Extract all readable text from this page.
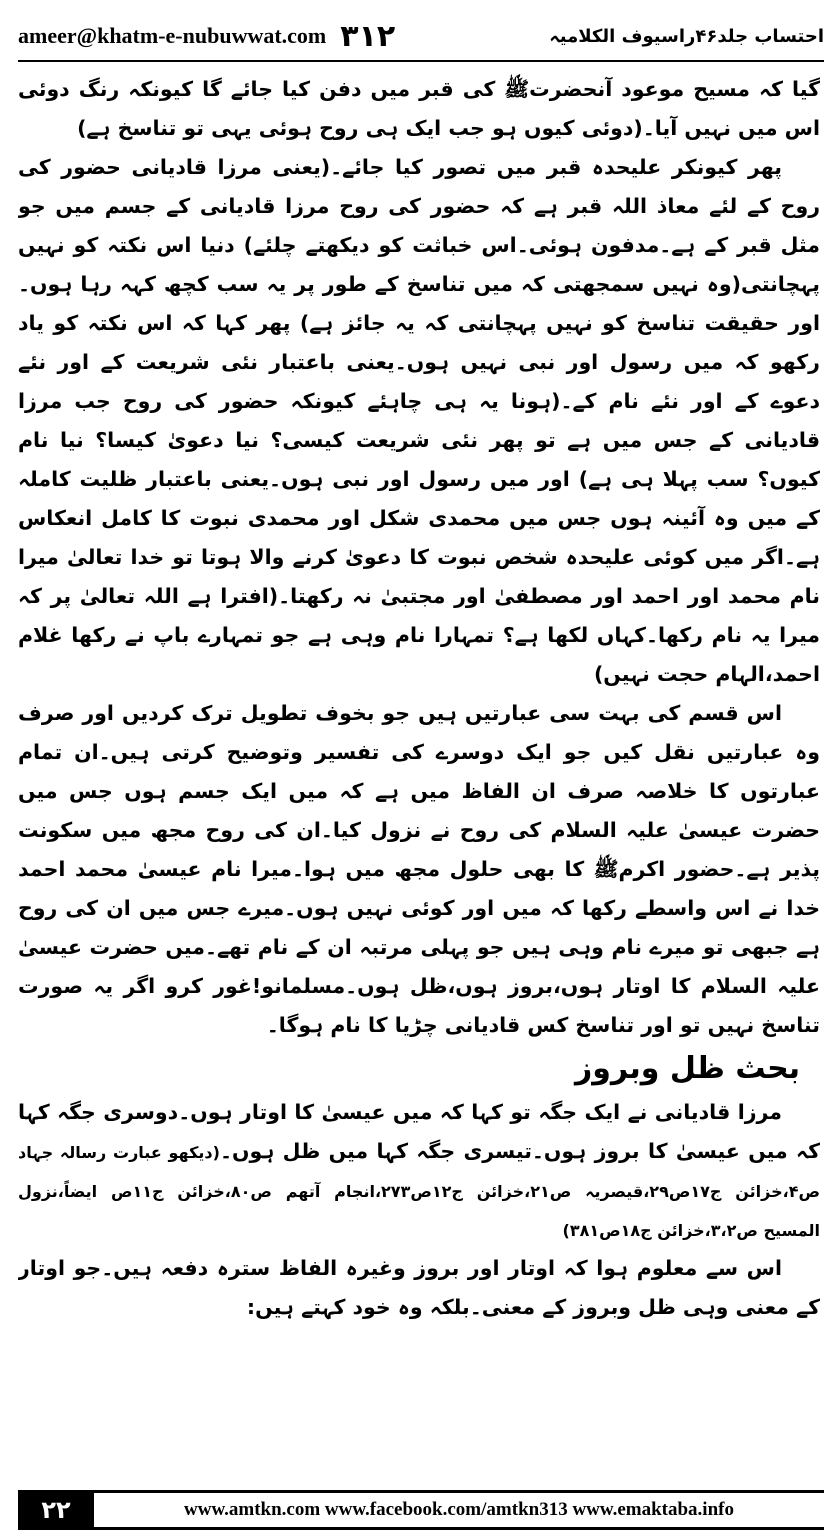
ameer@khatm-e-nubuwwat.com ۳۱۲	احتساب جلد۴۶راسیوف الکلامیہ

گیا کہ مسیح موعود آنحضرتﷺ کی قبر میں دفن کیا جائے گا کیونکہ رنگ دوئی اس میں نہیں آیا۔(دوئی کیوں ہو جب ایک ہی روح ہوئی یہی تو تناسخ ہے)

پھر کیونکر علیحدہ قبر میں تصور کیا جائے۔(یعنی مرزا قادیانی حضور کی روح کے لئے معاذ اللہ قبر ہے کہ حضور کی روح مرزا قادیانی کے جسم میں جو مثل قبر کے ہے۔مدفون ہوئی۔اس خباثت کو دیکھتے چلئے) دنیا اس نکتہ کو نہیں پہچانتی(وہ نہیں سمجھتی کہ میں تناسخ کے طور پر یہ سب کچھ کہہ رہا ہوں۔اور حقیقت تناسخ کو نہیں پہچانتی کہ یہ جائز ہے) پھر کہا کہ اس نکتہ کو یاد رکھو کہ میں رسول اور نبی نہیں ہوں۔یعنی باعتبار نئی شریعت کے اور نئے دعوے کے اور نئے نام کے۔(ہونا یہ ہی چاہئے کیونکہ حضور کی روح جب مرزا قادیانی کے جس میں ہے تو پھر نئی شریعت کیسی؟ نیا دعویٰ کیسا؟ نیا نام کیوں؟ سب پہلا ہی ہے) اور میں رسول اور نبی ہوں۔یعنی باعتبار ظلیت کاملہ کے میں وہ آئینہ ہوں جس میں محمدی شکل اور محمدی نبوت کا کامل انعکاس ہے۔اگر میں کوئی علیحدہ شخص نبوت کا دعویٰ کرنے والا ہوتا تو خدا تعالیٰ میرا نام محمد اور احمد اور مصطفیٰ اور مجتبیٰ نہ رکھتا۔(افترا ہے اللہ تعالیٰ پر کہ میرا یہ نام رکھا۔کہاں لکھا ہے؟ تمہارا نام وہی ہے جو تمہارے باپ نے رکھا غلام احمد،الہام حجت نہیں)

اس قسم کی بہت سی عبارتیں ہیں جو بخوف تطویل ترک کردیں اور صرف وہ عبارتیں نقل کیں جو ایک دوسرے کی تفسیر وتوضیح کرتی ہیں۔ان تمام عبارتوں کا خلاصہ صرف ان الفاظ میں ہے کہ میں ایک جسم ہوں جس میں حضرت عیسیٰ علیہ السلام کی روح نے نزول کیا۔ان کی روح مجھ میں سکونت پذیر ہے۔حضور اکرمﷺ کا بھی حلول مجھ میں ہوا۔میرا نام عیسیٰ محمد احمد خدا نے اس واسطے رکھا کہ میں اور کوئی نہیں ہوں۔میرے جس میں ان کی روح ہے جبھی تو میرے نام وہی ہیں جو پہلی مرتبہ ان کے نام تھے۔میں حضرت عیسیٰ علیہ السلام کا اوتار ہوں،بروز ہوں،ظل ہوں۔مسلمانو!غور کرو اگر یہ صورت تناسخ نہیں تو اور تناسخ کس قادیانی چڑیا کا نام ہوگا۔

بحث ظل وبروز

مرزا قادیانی نے ایک جگہ تو کہا کہ میں عیسیٰ کا اوتار ہوں۔دوسری جگہ کہا کہ میں عیسیٰ کا بروز ہوں۔تیسری جگہ کہا میں ظل ہوں۔(دیکھو عبارت رسالہ جہاد ص۴،خزائن ج۱۷ص۲۹،قیصریہ ص۲۱،خزائن ج۱۲ص۲۷۳،انجام آتھم ص۸۰،خزائن ج۱۱ص ایضاً،نزول المسیح ص۳،۲،خزائن ج۱۸ص۳۸۱)

اس سے معلوم ہوا کہ اوتار اور بروز وغیرہ الفاظ سترہ دفعہ ہیں۔جو اوتار کے معنی وہی ظل وبروز کے معنی۔بلکہ وہ خود کہتے ہیں:

۲۲	www.amtkn.com www.facebook.com/amtkn313 www.emaktaba.info
